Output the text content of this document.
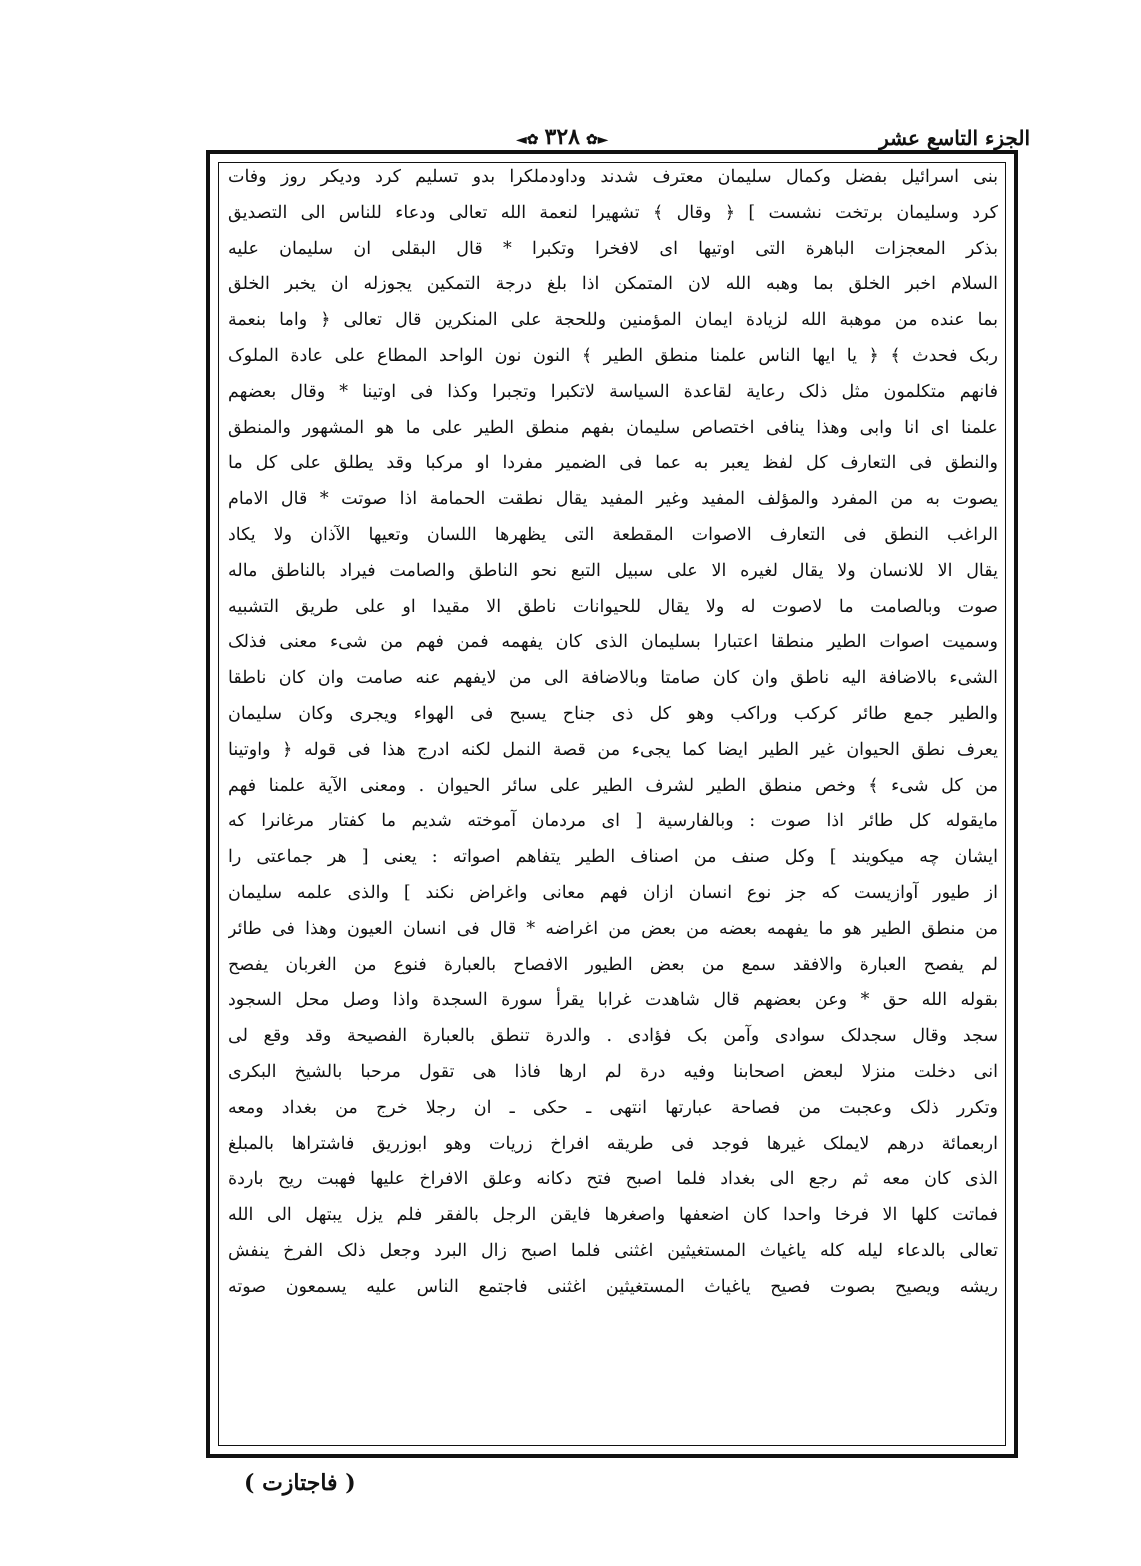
الجزء التاسع عشر
◄✿ ٣٢٨ ✿►
بنی اسرائیل بفضل وکمال سلیمان معترف شدند وداودملکرا بدو تسلیم کرد ودیکر روز وفات
کرد وسلیمان برتخت نشست ] ﴿ وقال ﴾ تشهیرا لنعمة الله تعالی ودعاء للناس الی التصدیق
بذکر المعجزات الباهرة التی اوتیها ای لافخرا وتکبرا * قال البقلی ان سلیمان علیه
السلام اخبر الخلق بما وهبه الله لان المتمکن اذا بلغ درجة التمکین یجوزله ان یخبر الخلق
بما عنده من موهبة الله لزیادة ایمان المؤمنین وللحجة علی المنکرین قال تعالی ﴿ واما بنعمة
ربک فحدث ﴾ ﴿ یا ایها الناس علمنا منطق الطیر ﴾ النون نون الواحد المطاع علی عادة الملوک
فانهم متکلمون مثل ذلک رعایة لقاعدة السیاسة لاتکبرا وتجبرا وکذا فی اوتینا * وقال بعضهم
علمنا ای انا وابی وهذا ینافی اختصاص سلیمان بفهم منطق الطیر علی ما هو المشهور والمنطق
والنطق فی التعارف کل لفظ یعبر به عما فی الضمیر مفردا او مرکبا وقد یطلق علی کل ما
یصوت به من المفرد والمؤلف المفید وغیر المفید یقال نطقت الحمامة اذا صوتت * قال الامام
الراغب النطق فی التعارف الاصوات المقطعة التی یظهرها اللسان وتعیها الآذان ولا یکاد
یقال الا للانسان ولا یقال لغیره الا علی سبیل التبع نحو الناطق والصامت فیراد بالناطق ماله
صوت وبالصامت ما لاصوت له ولا یقال للحیوانات ناطق الا مقیدا او علی طریق التشبیه
وسمیت اصوات الطیر منطقا اعتبارا بسلیمان الذی کان یفهمه فمن فهم من شیء معنی فذلک
الشیء بالاضافة الیه ناطق وان کان صامتا وبالاضافة الی من لایفهم عنه صامت وان کان ناطقا
والطیر جمع طائر کرکب وراکب وهو کل ذی جناح یسبح فی الهواء ویجری وکان سلیمان
یعرف نطق الحیوان غیر الطیر ایضا کما یجیء من قصة النمل لکنه ادرج هذا فی قوله ﴿ واوتینا
من کل شیء ﴾ وخص منطق الطیر لشرف الطیر علی سائر الحیوان . ومعنی الآیة علمنا فهم
مایقوله کل طائر اذا صوت : وبالفارسیة [ ای مردمان آموخته شدیم ما کفتار مرغانرا که
ایشان چه میکویند ] وکل صنف من اصناف الطیر یتفاهم اصواته : یعنی [ هر جماعتی را
از طیور آوازیست که جز نوع انسان ازان فهم معانی واغراض نکند ] والذی علمه سلیمان
من منطق الطیر هو ما یفهمه بعضه من بعض من اغراضه * قال فی انسان العیون وهذا فی طائر
لم یفصح العبارة والافقد سمع من بعض الطیور الافصاح بالعبارة فنوع من الغربان یفصح
بقوله الله حق * وعن بعضهم قال شاهدت غرابا یقرأ سورة السجدة واذا وصل محل السجود
سجد وقال سجدلک سوادی وآمن بک فؤادی . والدرة تنطق بالعبارة الفصیحة وقد وقع لی
انی دخلت منزلا لبعض اصحابنا وفیه درة لم ارها فاذا هی تقول مرحبا بالشیخ البکری
وتکرر ذلک وعجبت من فصاحة عبارتها انتهی ـ حکی ـ ان رجلا خرج من بغداد ومعه
اربعمائة درهم لایملک غیرها فوجد فی طریقه افراخ زریات وهو ابوزریق فاشتراها بالمبلغ
الذی کان معه ثم رجع الی بغداد فلما اصبح فتح دکانه وعلق الافراخ علیها فهبت ریح باردة
فماتت کلها الا فرخا واحدا کان اضعفها واصغرها فایقن الرجل بالفقر فلم یزل یبتهل الی الله
تعالی بالدعاء لیله کله یاغیاث المستغیثین اغثنی فلما اصبح زال البرد وجعل ذلک الفرخ ینفش
ریشه ویصیح بصوت فصیح یاغیاث المستغیثین اغثنی فاجتمع الناس علیه یسمعون صوته
( فاجتازت )
